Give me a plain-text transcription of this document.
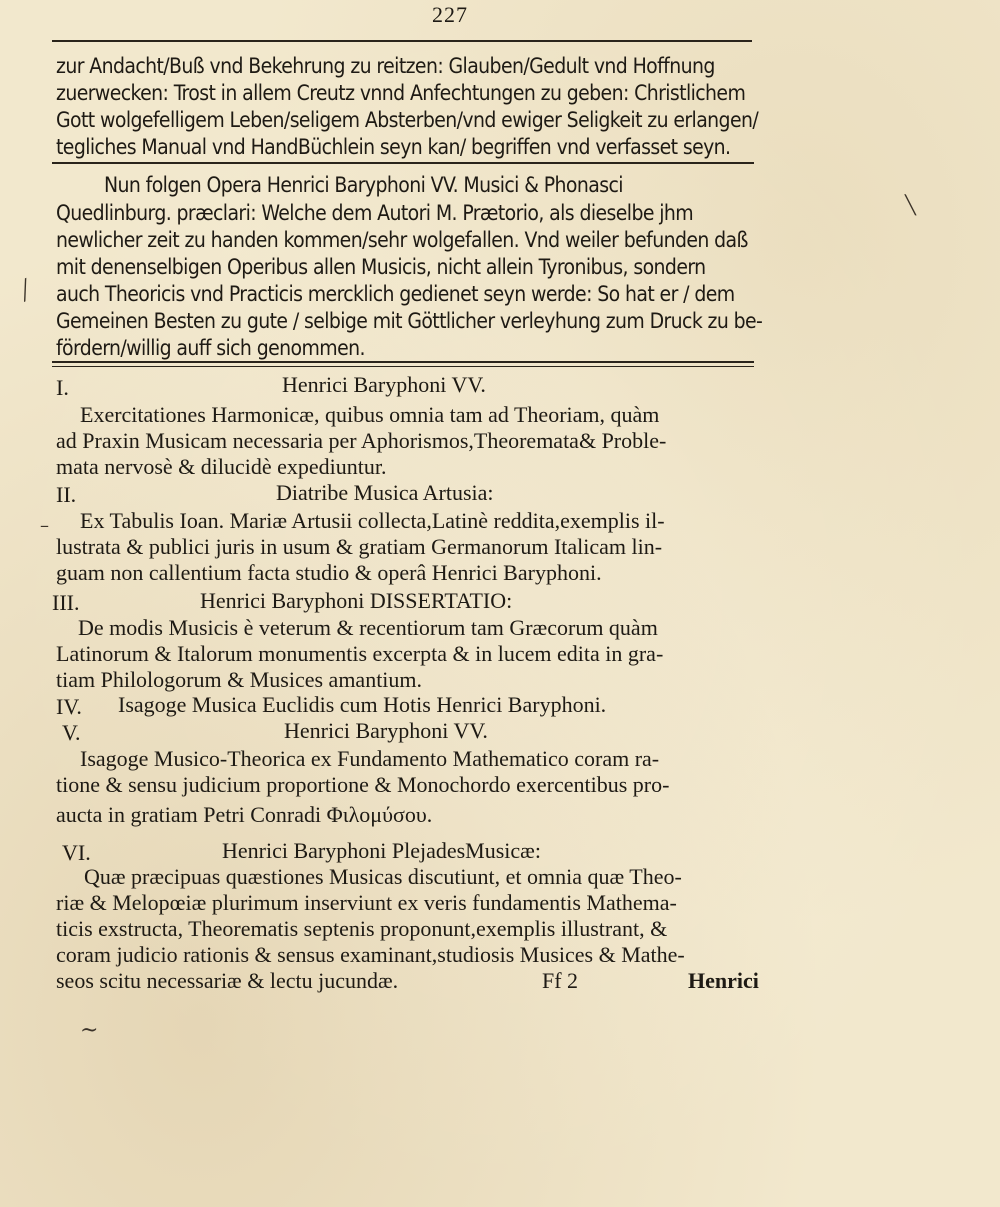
227
zur Andacht/Buß vnd Bekehrung zu reitzen: Glauben/Gedult vnd Hoffnung
zuerwecken: Trost in allem Creutz vnnd Anfechtungen zu geben: Christlichem
Gott wolgefelligem Leben/seligem Absterben/vnd ewiger Seligkeit zu erlangen/
tegliches Manual vnd HandBüchlein seyn kan/ begriffen vnd verfasset seyn.
Nun folgen Opera Henrici Baryphoni VV. Musici & Phonasci
Quedlinburg. præclari: Welche dem Autori M. Prætorio, als dieselbe jhm
newlicher zeit zu handen kommen/sehr wolgefallen. Vnd weiler befunden daß
mit denenselbigen Operibus allen Musicis, nicht allein Tyronibus, sondern
auch Theoricis vnd Practicis mercklich gedienet seyn werde: So hat er / dem
Gemeinen Besten zu gute / selbige mit Göttlicher verleyhung zum Druck zu be-
fördern/willig auff sich genommen.
I.	Henrici Baryphoni VV.
Exercitationes Harmonicæ, quibus omnia tam ad Theoriam, quàm
ad Praxin Musicam necessaria per Aphorismos,Theoremata& Proble-
mata nervosè & dilucidè expediuntur.
II.	Diatribe Musica Artusia:
Ex Tabulis Ioan. Mariæ Artusii collecta,Latinè reddita,exemplis il-
lustrata & publici juris in usum & gratiam Germanorum Italicam lin-
guam non callentium facta studio & operâ Henrici Baryphoni.
III.	Henrici Baryphoni DISSERTATIO:
De modis Musicis è veterum & recentiorum tam Græcorum quàm
Latinorum & Italorum monumentis excerpta & in lucem edita in gra-
tiam Philologorum & Musices amantium.
IV. Isagoge Musica Euclidis cum Hotis Henrici Baryphoni.
V.	Henrici Baryphoni VV.
Isagoge Musico-Theorica ex Fundamento Mathematico coram ra-
tione & sensu judicium proportione & Monochordo exercentibus pro-
aucta in gratiam Petri Conradi Φιλομύσου.
VI.	Henrici Baryphoni PlejadesMusicæ:
Quæ præcipuas quæstiones Musicas discutiunt, et omnia quæ Theo-
riæ & Melopœiæ plurimum inserviunt ex veris fundamentis Mathema-
ticis exstructa, Theorematis septenis proponunt,exemplis illustrant, &
coram judicio rationis & sensus examinant,studiosis Musices & Mathe-
seos scitu necessariæ & lectu jucundæ.	Ff 2	Henrici
╱
–
╲
~
